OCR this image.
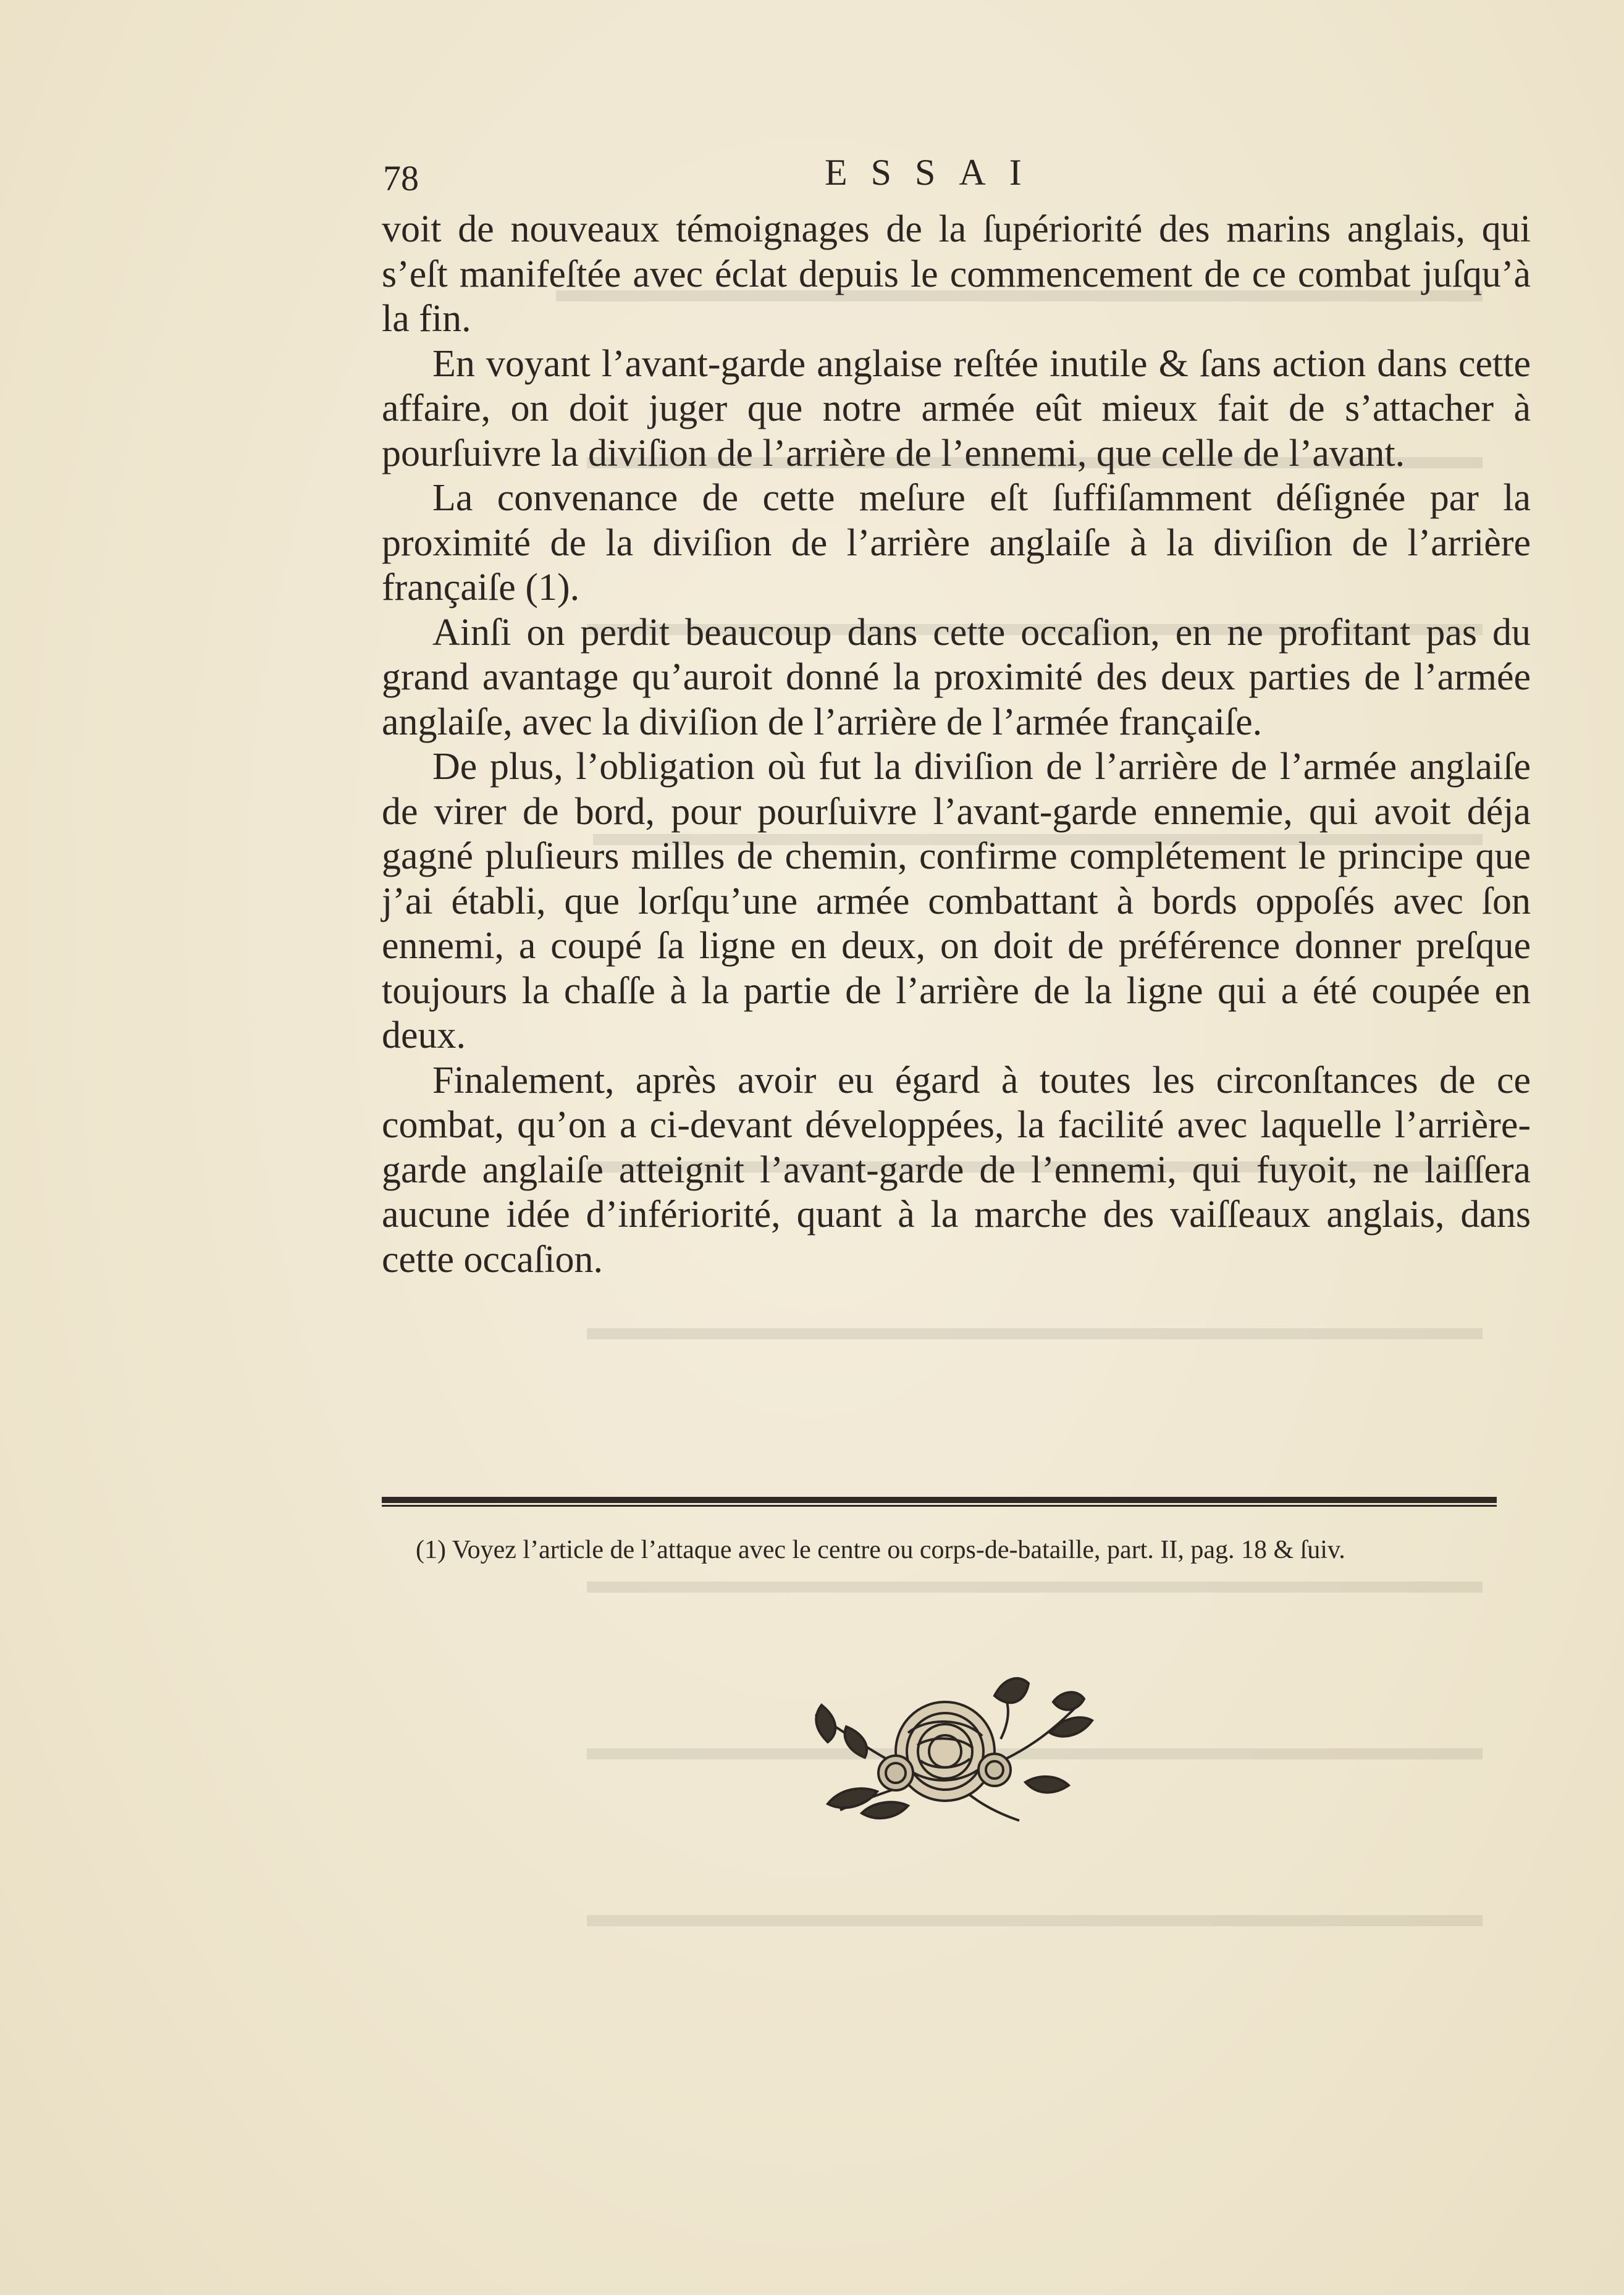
78	ESSAI

voit de nouveaux témoignages de la ſupériorité des marins anglais, qui s’eſt manifeſtée avec éclat depuis le commencement de ce combat juſqu’à la fin.

En voyant l’avant-garde anglaise reſtée inutile & ſans action dans cette affaire, on doit juger que notre armée eût mieux fait de s’attacher à pourſuivre la diviſion de l’arrière de l’ennemi, que celle de l’avant.

La convenance de cette meſure eſt ſuffiſamment déſignée par la proximité de la diviſion de l’arrière anglaiſe à la diviſion de l’arrière françaiſe (1).

Ainſi on perdit beaucoup dans cette occaſion, en ne profitant pas du grand avantage qu’auroit donné la proximité des deux parties de l’armée anglaiſe, avec la diviſion de l’arrière de l’armée françaiſe.

De plus, l’obligation où fut la diviſion de l’arrière de l’armée anglaiſe de virer de bord, pour pourſuivre l’avant-garde ennemie, qui avoit déja gagné pluſieurs milles de chemin, confirme complétement le principe que j’ai établi, que lorſqu’une armée combattant à bords oppoſés avec ſon ennemi, a coupé ſa ligne en deux, on doit de préférence donner preſque toujours la chaſſe à la partie de l’arrière de la ligne qui a été coupée en deux.

Finalement, après avoir eu égard à toutes les circonſtances de ce combat, qu’on a ci-devant développées, la facilité avec laquelle l’arrière-garde anglaiſe atteignit l’avant-garde de l’ennemi, qui fuyoit, ne laiſſera aucune idée d’infériorité, quant à la marche des vaiſſeaux anglais, dans cette occaſion.

(1) Voyez l’article de l’attaque avec le centre ou corps-de-bataille, part. II, pag. 18 & ſuiv.
